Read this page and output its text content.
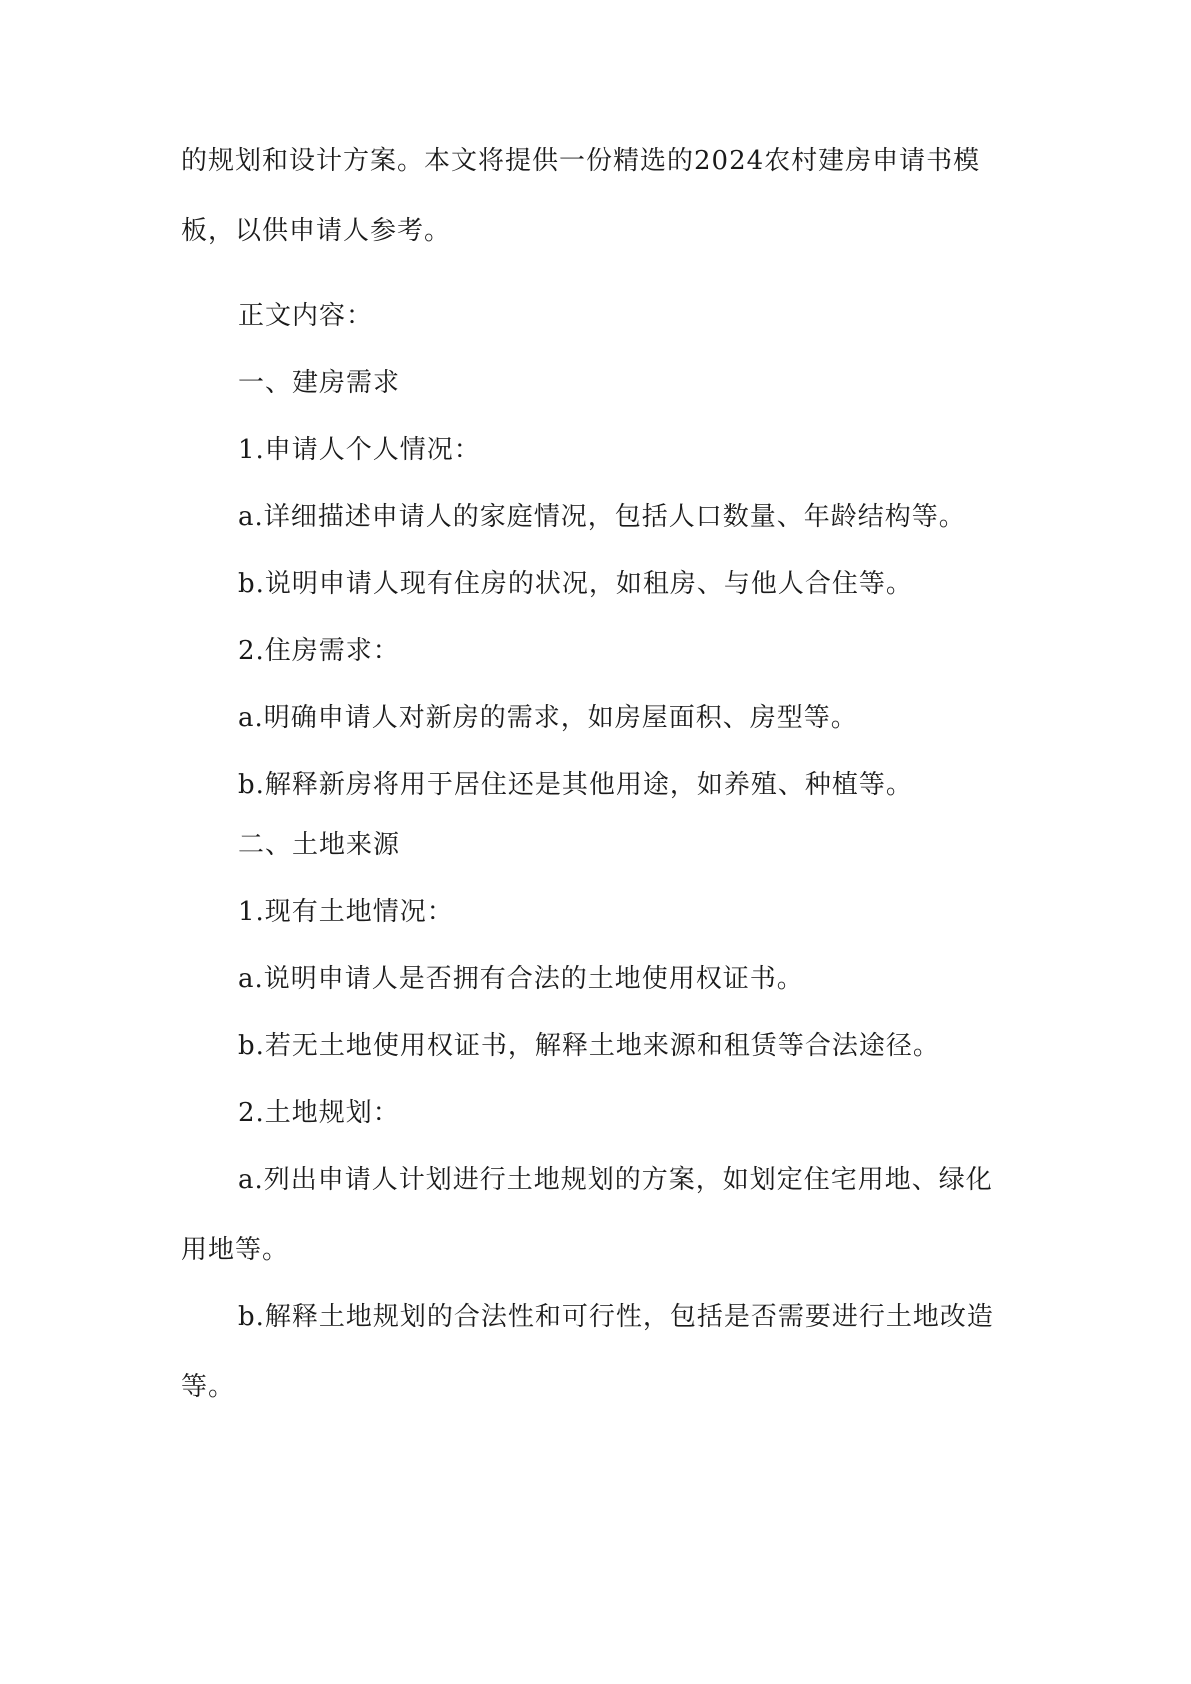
的规划和设计方案。本文将提供一份精选的2024农村建房申请书模板，以供申请人参考。

正文内容：

一、建房需求

1.申请人个人情况：

a.详细描述申请人的家庭情况，包括人口数量、年龄结构等。

b.说明申请人现有住房的状况，如租房、与他人合住等。

2.住房需求：

a.明确申请人对新房的需求，如房屋面积、房型等。

b.解释新房将用于居住还是其他用途，如养殖、种植等。

二、土地来源

1.现有土地情况：

a.说明申请人是否拥有合法的土地使用权证书。

b.若无土地使用权证书，解释土地来源和租赁等合法途径。

2.土地规划：

a.列出申请人计划进行土地规划的方案，如划定住宅用地、绿化用地等。

b.解释土地规划的合法性和可行性，包括是否需要进行土地改造等。
